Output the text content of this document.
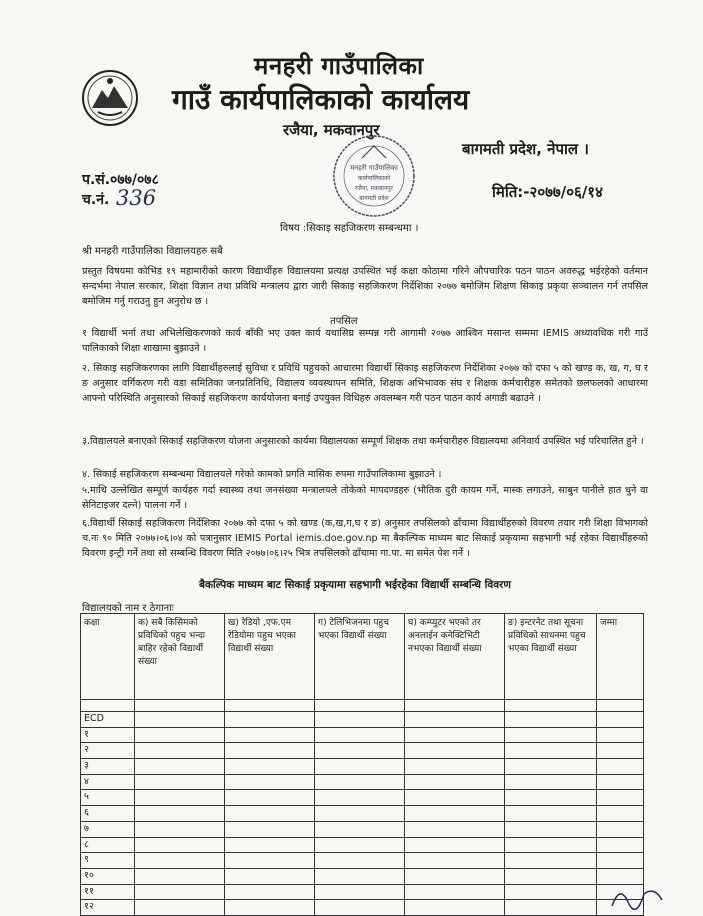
मनहरी गाउँपालिका
गाउँ कार्यपालिकाको कार्यालय
रजैया, मकवानपुर
बागमती प्रदेश, नेपाल ।
मनहरी गाउँपालिका
कार्यपालिकाको
रजैया, मकवानपुर
बागमती प्रदेश
प.सं.०७७/०७८
च.नं. 336	मिति:-२०७७/०६/१४
विषय :सिकाइ सहजिकरण सम्बन्धमा ।
श्री मनहरी गाउँपालिका विद्यालयहरु सबै
प्रस्तुत विषयमा कोभिड १९ महामारीको कारण विद्यार्थीहरु विद्यालयमा प्रत्यक्ष उपस्थित भई कक्षा कोठामा गरिने औपचारिक पठन पाठन अवरुद्ध भईरहेको वर्तमान सन्दर्भमा नेपाल सरकार, शिक्षा विज्ञान तथा प्रविधि मन्त्रालय द्वारा जारी सिकाइ सहजिकरण निर्देशिका २०७७ बमोजिम शिक्षण सिकाइ प्रकृया सञ्चालन गर्न तपसिल बमोजिम गर्नु गराउनु हुन अनुरोध छ ।
तपसिल
१ विद्यार्थी भर्ना तथा अभिलेखिकरणको कार्य बाँकी भए उक्त कार्य यथासिघ्र सम्पन्न गरी आगामी २०७७ आश्विन मसान्त सम्ममा IEMIS अध्यावधिक गरी गाउँ पालिकाको शिक्षा शाखामा बुझाउने ।
२. सिकाइ सहजिकरणका लागि विद्यार्थीहरुलाई सुविधा र प्रविधि पहुचको आधारमा विद्यार्थी सिकाइ सहजिकरण निर्देशिका २०७७ को दफा ५ को खण्ड क, ख, ग, घ र ङ अनुसार वर्गिकरण गरी वडा समितिका जनप्रतिनिधि, विद्यालय व्यवस्थापन समिति, शिक्षक अभिभावक संघ र शिक्षक कर्मचारीहरु समेतको छलफलको आधारमा आफ्नो परिस्थिति अनुसारको सिकाई सहजिकरण कार्ययोजना बनाई उपयुक्त विधिहरु अवलम्बन गरी पठन पाठन कार्य अगाडी बढाउने ।
३.विद्यालयले बनाएको सिकाई सहजिकरण योजना अनुसारको कार्यमा विद्यालयका सम्पूर्ण शिक्षक तथा कर्मचारीहरु विद्यालयमा अनिवार्य उपस्थित भई परिचालित हुने ।
४. सिकाई सहजिकरण सम्बन्धमा विद्यालयले गरेको कामको प्रगति मासिक रुपमा गाउँपालिकामा बुझाउने ।
५.माथि उल्लेखित सम्पूर्ण कार्यहरु गर्दा स्वास्थ्य तथा जनसंख्या मन्त्रालयले तोकेको मापदण्डहरु (भौतिक दुरी कायम गर्ने, मास्क लगाउने, साबुन पानीले हात धुने वा सेनिटाइजर दल्ने) पालना गर्ने ।
६.विद्यार्थी सिकाई सहजिकरण निर्देशिका २०७७ को दफा ५ को खण्ड (क,ख,ग,घ र ङ) अनुसार तपसिलको ढाँचामा विद्यार्थीहरुको विवरण तयार गरी शिक्षा विभागको च.नः ९० मिति २०७७।०६।०४ को पत्रानुसार IEMIS Portal iemis.doe.gov.np मा बैकल्पिक माध्यम बाट सिकाई प्रकृयामा सहभागी भई रहेका विद्यार्थीहरुको विवरण इन्ट्री गर्ने तथा सो सम्बन्धि विवरण मिति २०७७।०६।२५ भित्र तपसिलको ढाँचामा गा.पा. मा समेत पेश गर्ने ।
बैकल्पिक माध्यम बाट सिकाई प्रकृयामा सहभागी भईरहेका विद्यार्थी सम्बन्धि विवरण
विद्यालयको नाम र ठेगानाः
कक्षा	क) सबै किसिमको प्रविधिको पहुच भन्दा बाहिर रहेको विद्यार्थी संख्या	ख) रेडियो ,एफ.एम रेडियोमा पहुच भएका विद्यार्थी संख्या	ग) टेलिभिजनमा पहुच भएका विद्यार्थी संख्या	घ) कम्प्युटर भएको तर अनलाईन कनेक्टिभिटी नभएका विद्यार्थी संख्या	ङ) इन्टरनेट तथा सूचना प्रविधिको साधनमा पहुच भएका विद्यार्थी संख्या	जम्मा

ECD						
१						
२						
३						
४						
५						
६						
७						
८						
९						
१०						
११						
१२						
